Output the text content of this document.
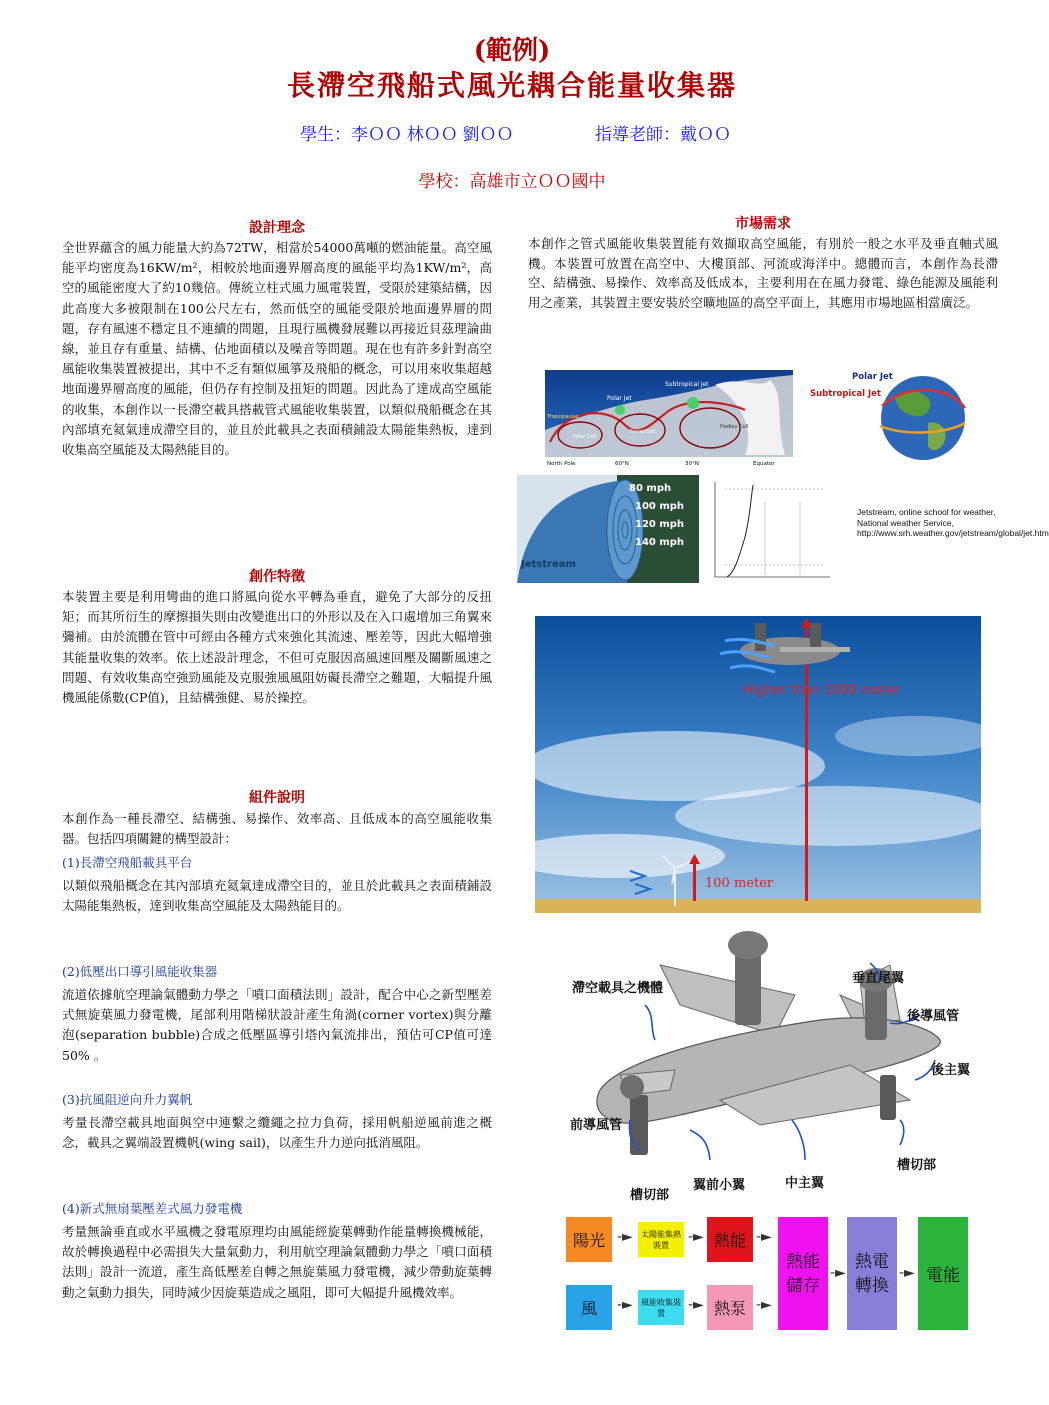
(範例)
長滯空飛船式風光耦合能量收集器
學生：李ＯＯ 林ＯＯ 劉ＯＯ	指導老師：戴ＯＯ
學校：高雄市立ＯＯ國中
設計理念
全世界蘊含的風力能量大約為72TW，相當於54000萬噸的燃油能量。高空風能平均密度為16KW/m²，相較於地面邊界層高度的風能平均為1KW/m²，高空的風能密度大了約10幾倍。傳統立柱式風力風電裝置，受限於建築結構，因此高度大多被限制在100公尺左右，然而低空的風能受限於地面邊界層的問題，存有風速不穩定且不連續的問題，且現行風機發展難以再接近貝茲理論曲線，並且存有重量、結構、佔地面積以及噪音等問題。現在也有許多針對高空風能收集裝置被提出，其中不乏有類似風箏及飛船的概念，可以用來收集超越地面邊界層高度的風能，但仍存有控制及扭矩的問題。因此為了達成高空風能的收集，本創作以一長滯空載具搭載管式風能收集裝置，以類似飛船概念在其內部填充氦氣達成滯空目的，並且於此載具之表面積鋪設太陽能集熱板，達到收集高空風能及太陽熱能目的。
創作特徵
本裝置主要是利用彎曲的進口將風向從水平轉為垂直，避免了大部分的反扭矩；而其所衍生的摩擦損失則由改變進出口的外形以及在入口處增加三角翼來彌補。由於流體在管中可經由各種方式來強化其流速、壓差等，因此大幅增強其能量收集的效率。依上述設計理念，不但可克服因高風速回壓及關斷風速之問題、有效收集高空強勁風能及克服強風風阻妨礙長滯空之難題，大幅提升風機風能係數(CP值)，且結構強健、易於操控。
組件說明
本創作為一種長滯空、結構強、易操作、效率高、且低成本的高空風能收集器。包括四項關鍵的構型設計：
(1)長滯空飛船載具平台
以類似飛船概念在其內部填充氦氣達成滯空目的，並且於此載具之表面積鋪設太陽能集熱板，達到收集高空風能及太陽熱能目的。
(2)低壓出口導引風能收集器
流道依據航空理論氣體動力學之「噴口面積法則」設計，配合中心之新型壓差式無旋葉風力發電機，尾部利用階梯狀設計產生角渦(corner vortex)與分離泡(separation bubble)合成之低壓區導引塔內氣流排出，預估可CP值可達50% 。
(3)抗風阻逆向升力翼帆
考量長滯空載具地面與空中連繫之纜繩之拉力負荷，採用帆船逆風前進之概念，載具之翼端設置機帆(wing sail)，以產生升力逆向抵消風阻。
(4)新式無扇葉壓差式風力發電機
考量無論垂直或水平風機之發電原理均由風能經旋葉轉動作能量轉換機械能，故於轉換過程中必需損失大量氣動力，利用航空理論氣體動力學之「噴口面積法則」設計一流道，產生高低壓差自轉之無旋葉風力發電機，減少帶動旋葉轉動之氣動力損失，同時減少因旋葉造成之風阻，即可大幅提升風機效率。
市場需求
本創作之管式風能收集裝置能有效擷取高空風能，有別於一般之水平及垂直軸式風機。本裝置可放置在高空中、大樓頂部、河流或海洋中。總體而言，本創作為長滯空、結構強、易操作、效率高及低成本，主要利用在在風力發電、綠色能源及風能利用之產業，其裝置主要安裝於空曠地區的高空平面上，其應用市場地區相當廣泛。
Subtropical jet
Polar Jet
Tropopause
Polar Cell
Ferrel Cell
Hadley Cell
North Pole	60°N	30°N	Equator
Polar Jet
Subtropical Jet
80 mph
100 mph
120 mph
140 mph
Jetstream
Jetstream, online school for weather, National weather Service, http://www.srh.weather.gov/jetstream/global/jet.htm
Higher than 1000 meter
100 meter
滯空載具之機體
垂直尾翼
後導風管
後主翼
前導風管
槽切部
槽切部
翼前小翼	中主翼
陽光
風
‐►
‐►
太陽能集熱裝置
風能收集裝置
‐►
‐►
熱能
熱泵
‐►
‐►
熱能儲存
‐►
熱電轉換
‐► 電能
